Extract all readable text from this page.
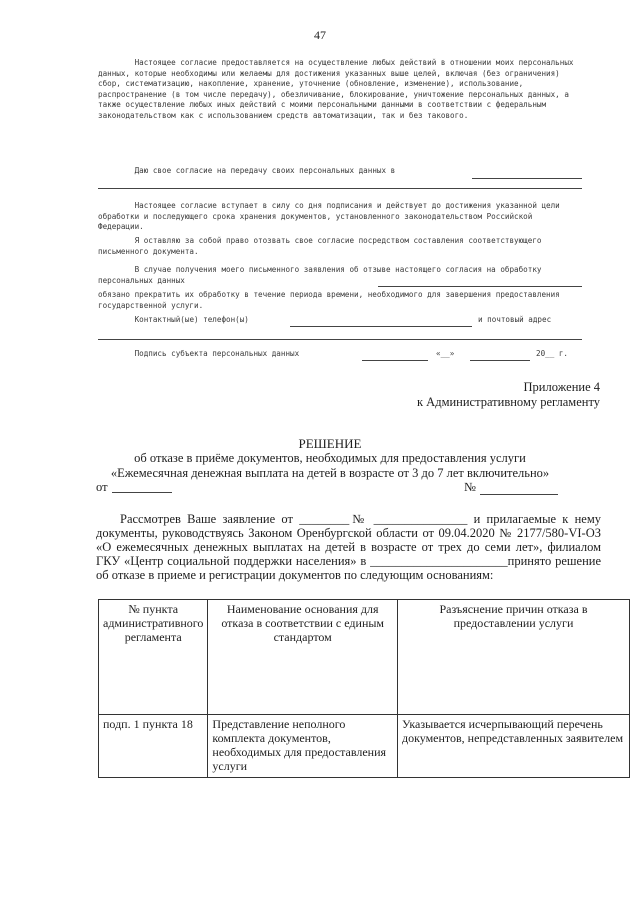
47
Настоящее согласие предоставляется на осуществление любых действий в отношении моих персональных данных, которые необходимы или желаемы для достижения указанных выше целей, включая (без ограничения) сбор, систематизацию, накопление, хранение, уточнение (обновление, изменение), использование, распространение (в том числе передачу), обезличивание, блокирование, уничтожение персональных данных, а также осуществление любых иных действий с моими персональными данными в соответствии с федеральным законодательством как с использованием средств автоматизации, так и без такового.
Даю свое согласие на передачу своих персональных данных в
Настоящее согласие вступает в силу со дня подписания и действует до достижения указанной цели обработки и последующего срока хранения документов, установленного законодательством Российской Федерации.
Я оставляю за собой право отозвать свое согласие посредством составления соответствующего письменного документа.
В случае получения моего письменного заявления об отзыве настоящего согласия на обработку персональных данных
обязано прекратить их обработку в течение периода времени, необходимого для завершения предоставления государственной услуги.
Контактный(ые) телефон(ы)	и почтовый адрес
Подпись субъекта персональных данных	«__»	20__ г.
Приложение 4
к Административному регламенту
РЕШЕНИЕ
об отказе в приёме документов, необходимых для предоставления услуги
«Ежемесячная денежная выплата на детей в возрасте от 3 до 7 лет включительно»
от	№
Рассмотрев Ваше заявление от ________№ _______________ и прилагаемые к нему документы, руководствуясь Законом Оренбургской области от 09.04.2020 № 2177/580-VI-ОЗ «О ежемесячных денежных выплатах на детей в возрасте от трех до семи лет», филиалом ГКУ «Центр социальной поддержки населения» в ______________________принято решение об отказе в приеме и регистрации документов по следующим основаниям:
№ пункта административного регламента	Наименование основания для отказа в соответствии с единым стандартом	Разъяснение причин отказа в предоставлении услуги
подп. 1 пункта 18	Представление неполного комплекта документов, необходимых для предоставления услуги	Указывается исчерпывающий перечень документов, непредставленных заявителем
